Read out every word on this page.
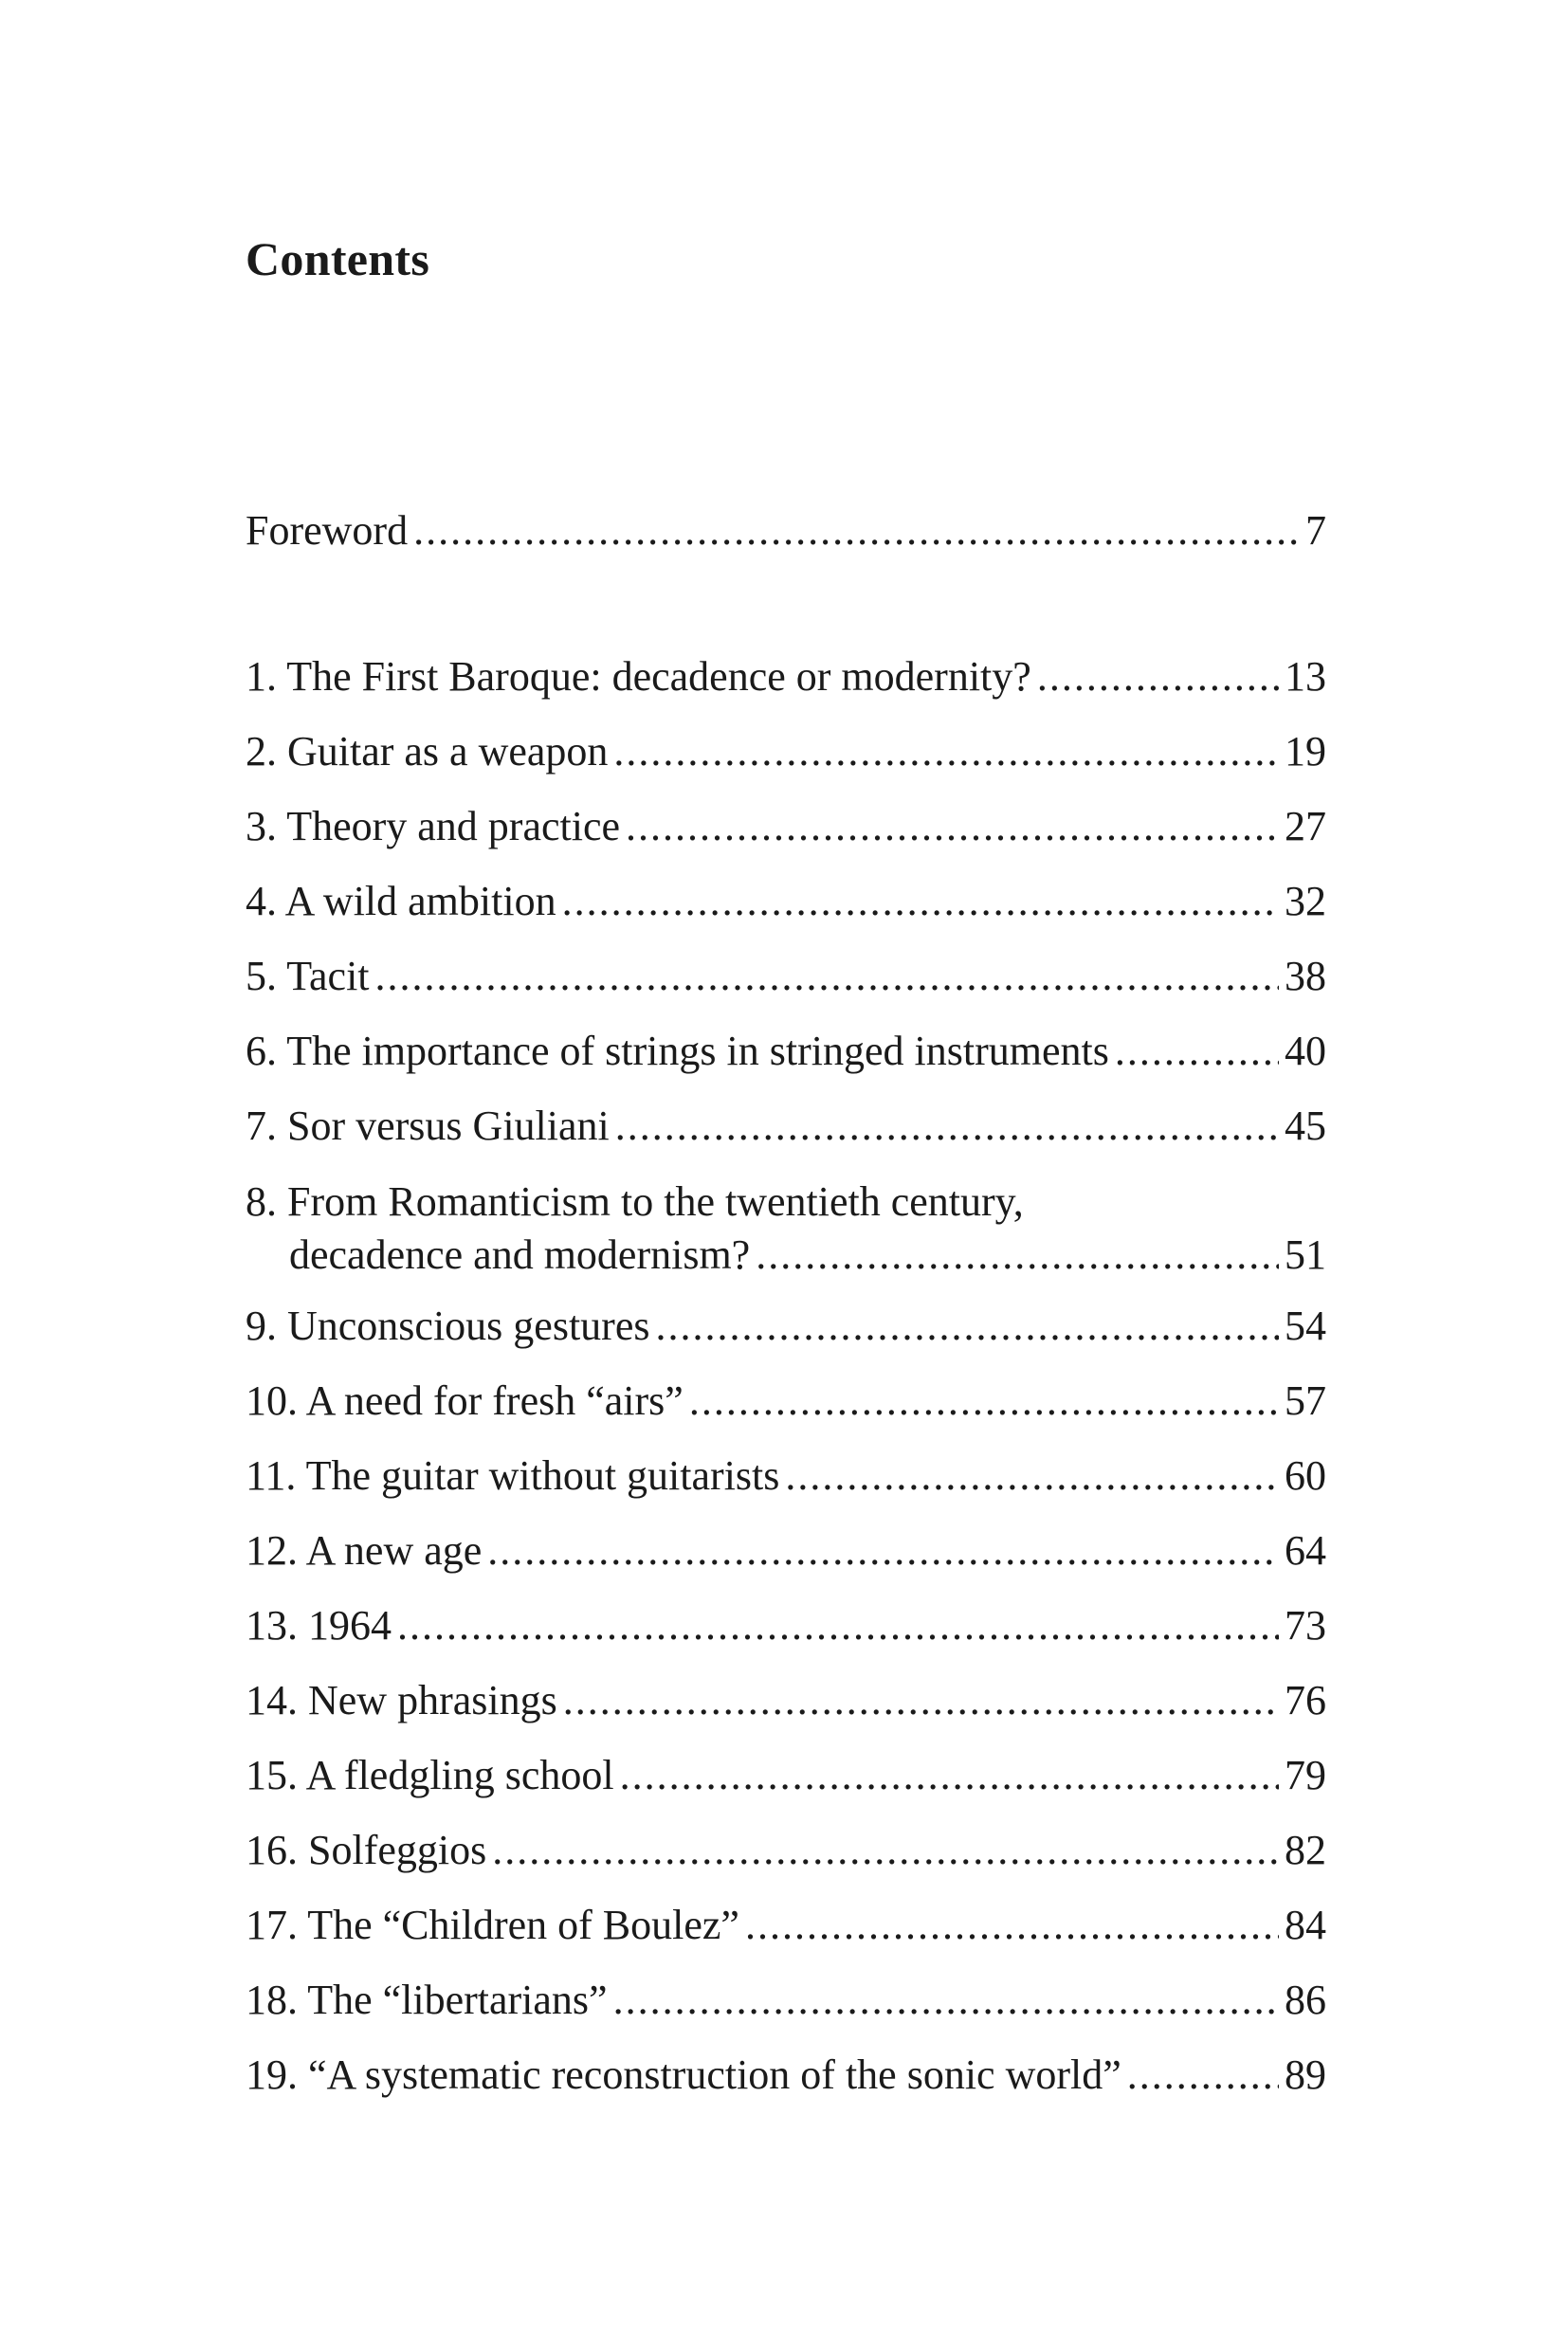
Contents
Foreword .....	7
1. The First Baroque: decadence or modernity? .....	13
2. Guitar as a weapon .....	19
3. Theory and practice .....	27
4. A wild ambition .....	32
5. Tacit .....	38
6. The importance of strings in stringed instruments .....	40
7. Sor versus Giuliani .....	45
8. From Romanticism to the twentieth century,
decadence and modernism? .....	51
9. Unconscious gestures .....	54
10. A need for fresh “airs” .....	57
11. The guitar without guitarists .....	60
12. A new age .....	64
13. 1964 .....	73
14. New phrasings .....	76
15. A fledgling school .....	79
16. Solfeggios .....	82
17. The “Children of Boulez” .....	84
18. The “libertarians” .....	86
19. “A systematic reconstruction of the sonic world” .....	89
